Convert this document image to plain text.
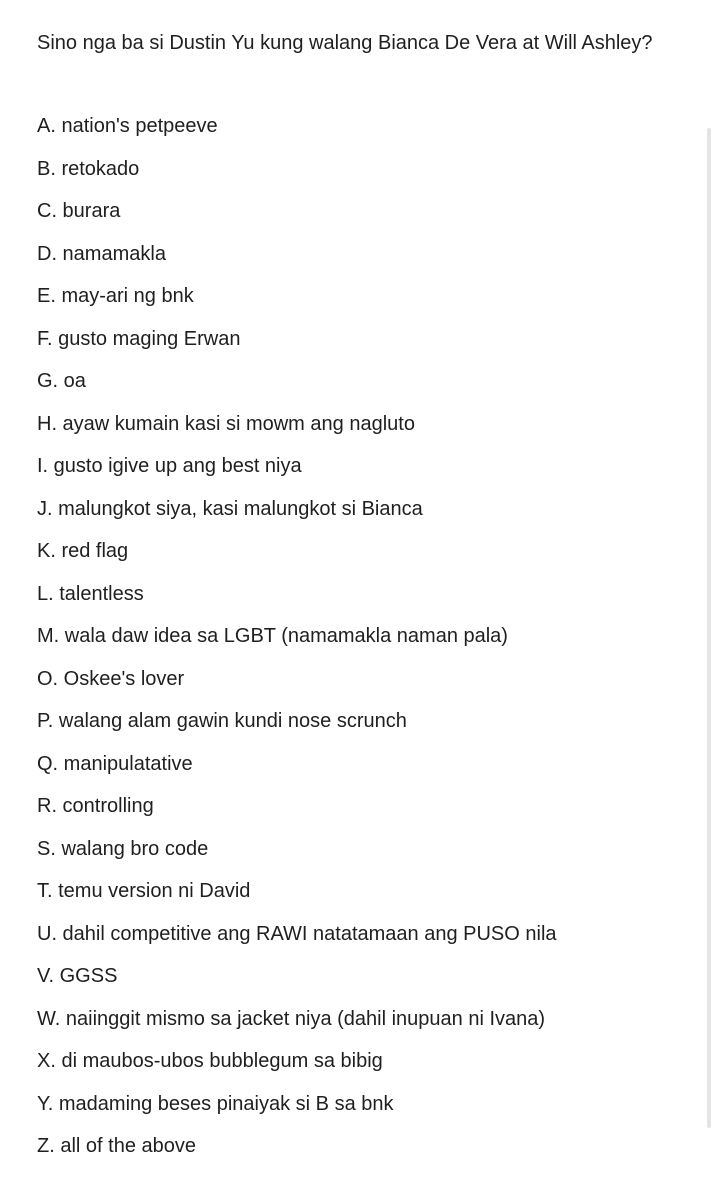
Sino nga ba si Dustin Yu kung walang Bianca De Vera at Will Ashley?
A. nation's petpeeve
B. retokado
C. burara
D. namamakla
E. may-ari ng bnk
F. gusto maging Erwan
G. oa
H. ayaw kumain kasi si mowm ang nagluto
I. gusto igive up ang best niya
J. malungkot siya, kasi malungkot si Bianca
K. red flag
L. talentless
M. wala daw idea sa LGBT (namamakla naman pala)
O. Oskee's lover
P. walang alam gawin kundi nose scrunch
Q. manipulatative
R. controlling
S. walang bro code
T. temu version ni David
U. dahil competitive ang RAWI natatamaan ang PUSO nila
V. GGSS
W. naiinggit mismo sa jacket niya (dahil inupuan ni Ivana)
X. di maubos-ubos bubblegum sa bibig
Y. madaming beses pinaiyak si B sa bnk
Z. all of the above
